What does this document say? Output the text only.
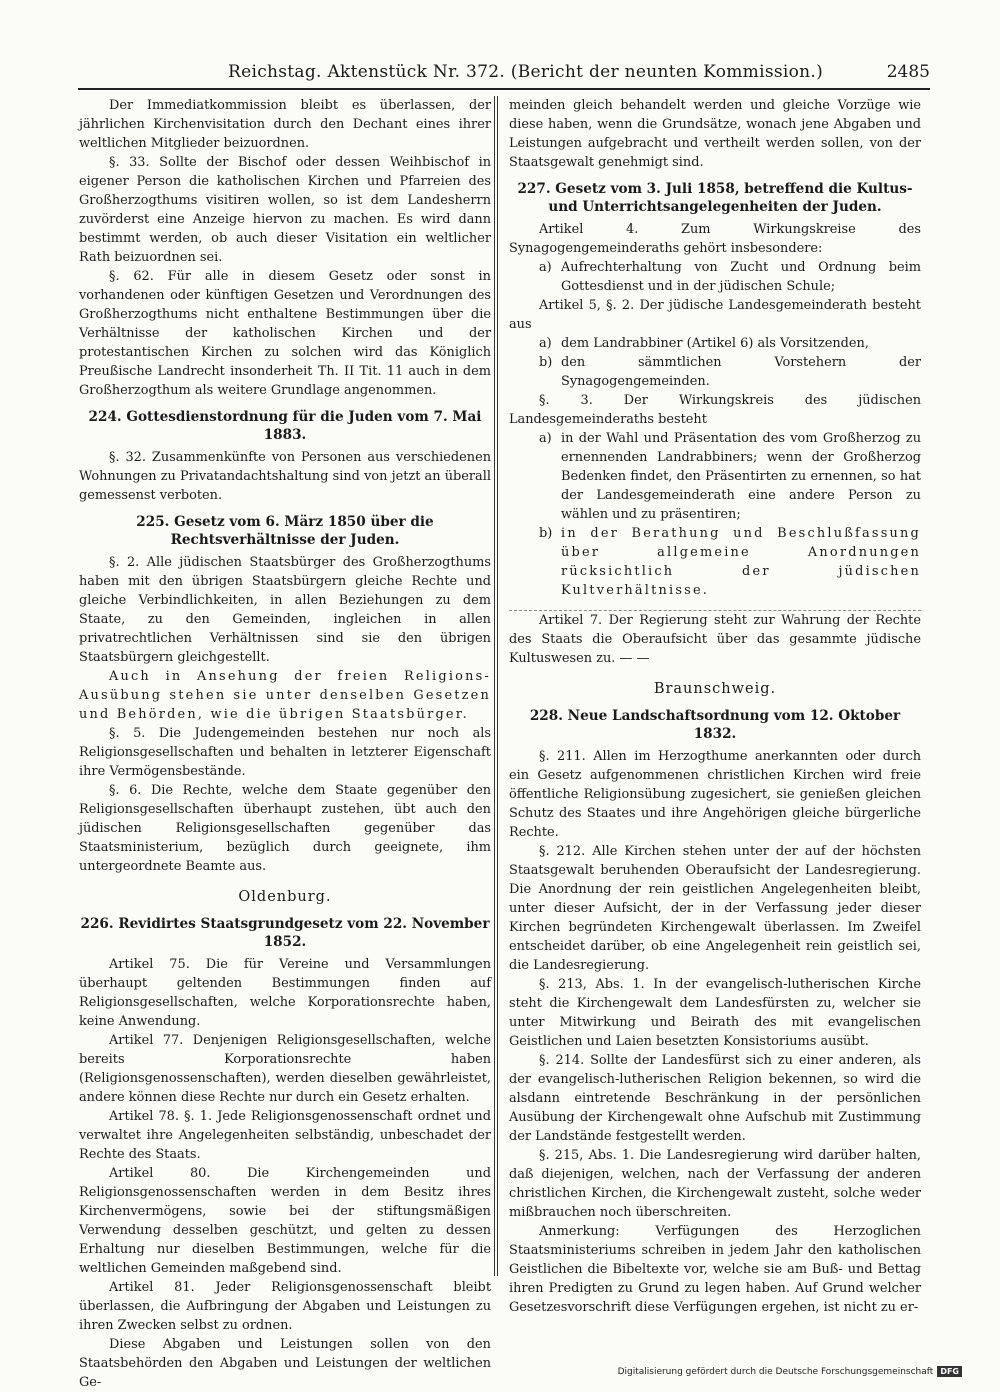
Reichstag. Aktenstück Nr. 372. (Bericht der neunten Kommission.)	2485

Der Immediatkommission bleibt es überlassen, der jährlichen Kirchenvisitation durch den Dechant eines ihrer weltlichen Mitglieder beizuordnen.

§. 33. Sollte der Bischof oder dessen Weihbischof in eigener Person die katholischen Kirchen und Pfarreien des Großherzogthums visitiren wollen, so ist dem Landesherrn zuvörderst eine Anzeige hiervon zu machen. Es wird dann bestimmt werden, ob auch dieser Visitation ein weltlicher Rath beizuordnen sei.

§. 62. Für alle in diesem Gesetz oder sonst in vorhandenen oder künftigen Gesetzen und Verordnungen des Großherzogthums nicht enthaltene Bestimmungen über die Verhältnisse der katholischen Kirchen und der protestantischen Kirchen zu solchen wird das Königlich Preußische Landrecht insonderheit Th. II Tit. 11 auch in dem Großherzogthum als weitere Grundlage angenommen.

224. Gottesdienstordnung für die Juden vom 7. Mai 1883.

§. 32. Zusammenkünfte von Personen aus verschiedenen Wohnungen zu Privatandachtshaltung sind von jetzt an überall gemessenst verboten.

225. Gesetz vom 6. März 1850 über die Rechtsverhältnisse der Juden.

§. 2. Alle jüdischen Staatsbürger des Großherzogthums haben mit den übrigen Staatsbürgern gleiche Rechte und gleiche Verbindlichkeiten, in allen Beziehungen zu dem Staate, zu den Gemeinden, ingleichen in allen privatrechtlichen Verhältnissen sind sie den übrigen Staatsbürgern gleichgestellt.

Auch in Ansehung der freien Religions-Ausübung stehen sie unter denselben Gesetzen und Behörden, wie die übrigen Staatsbürger.

§. 5. Die Judengemeinden bestehen nur noch als Religionsgesellschaften und behalten in letzterer Eigenschaft ihre Vermögensbestände.

§. 6. Die Rechte, welche dem Staate gegenüber den Religionsgesellschaften überhaupt zustehen, übt auch den jüdischen Religionsgesellschaften gegenüber das Staatsministerium, bezüglich durch geeignete, ihm untergeordnete Beamte aus.

Oldenburg.
226. Revidirtes Staatsgrundgesetz vom 22. November 1852.

Artikel 75. Die für Vereine und Versammlungen überhaupt geltenden Bestimmungen finden auf Religionsgesellschaften, welche Korporationsrechte haben, keine Anwendung.

Artikel 77. Denjenigen Religionsgesellschaften, welche bereits Korporationsrechte haben (Religionsgenossenschaften), werden dieselben gewährleistet, andere können diese Rechte nur durch ein Gesetz erhalten.

Artikel 78. §. 1. Jede Religionsgenossenschaft ordnet und verwaltet ihre Angelegenheiten selbständig, unbeschadet der Rechte des Staats.

Artikel 80. Die Kirchengemeinden und Religionsgenossenschaften werden in dem Besitz ihres Kirchenvermögens, sowie bei der stiftungsmäßigen Verwendung desselben geschützt, und gelten zu dessen Erhaltung nur dieselben Bestimmungen, welche für die weltlichen Gemeinden maßgebend sind.

Artikel 81. Jeder Religionsgenossenschaft bleibt überlassen, die Aufbringung der Abgaben und Leistungen zu ihren Zwecken selbst zu ordnen.

Diese Abgaben und Leistungen sollen von den Staatsbehörden den Abgaben und Leistungen der weltlichen Ge-

meinden gleich behandelt werden und gleiche Vorzüge wie diese haben, wenn die Grundsätze, wonach jene Abgaben und Leistungen aufgebracht und vertheilt werden sollen, von der Staatsgewalt genehmigt sind.

227. Gesetz vom 3. Juli 1858, betreffend die Kultus- und Unterrichtsangelegenheiten der Juden.

Artikel 4. Zum Wirkungskreise des Synagogengemeinderaths gehört insbesondere:

a) Aufrechterhaltung von Zucht und Ordnung beim Gottesdienst und in der jüdischen Schule;

Artikel 5, §. 2. Der jüdische Landesgemeinderath besteht aus

a) dem Landrabbiner (Artikel 6) als Vorsitzenden,
b) den sämmtlichen Vorstehern der Synagogengemeinden.

§. 3. Der Wirkungskreis des jüdischen Landesgemeinderaths besteht

a) in der Wahl und Präsentation des vom Großherzog zu ernennenden Landrabbiners; wenn der Großherzog Bedenken findet, den Präsentirten zu ernennen, so hat der Landesgemeinderath eine andere Person zu wählen und zu präsentiren;
b) in der Berathung und Beschlußfassung über allgemeine Anordnungen rücksichtlich der jüdischen Kultverhältnisse.

Artikel 7. Der Regierung steht zur Wahrung der Rechte des Staats die Oberaufsicht über das gesammte jüdische Kultuswesen zu. — —

Braunschweig.
228. Neue Landschaftsordnung vom 12. Oktober 1832.

§. 211. Allen im Herzogthume anerkannten oder durch ein Gesetz aufgenommenen christlichen Kirchen wird freie öffentliche Religionsübung zugesichert, sie genießen gleichen Schutz des Staates und ihre Angehörigen gleiche bürgerliche Rechte.

§. 212. Alle Kirchen stehen unter der auf der höchsten Staatsgewalt beruhenden Oberaufsicht der Landesregierung. Die Anordnung der rein geistlichen Angelegenheiten bleibt, unter dieser Aufsicht, der in der Verfassung jeder dieser Kirchen begründeten Kirchengewalt überlassen. Im Zweifel entscheidet darüber, ob eine Angelegenheit rein geistlich sei, die Landesregierung.

§. 213, Abs. 1. In der evangelisch-lutherischen Kirche steht die Kirchengewalt dem Landesfürsten zu, welcher sie unter Mitwirkung und Beirath des mit evangelischen Geistlichen und Laien besetzten Konsistoriums ausübt.

§. 214. Sollte der Landesfürst sich zu einer anderen, als der evangelisch-lutherischen Religion bekennen, so wird die alsdann eintretende Beschränkung in der persönlichen Ausübung der Kirchengewalt ohne Aufschub mit Zustimmung der Landstände festgestellt werden.

§. 215, Abs. 1. Die Landesregierung wird darüber halten, daß diejenigen, welchen, nach der Verfassung der anderen christlichen Kirchen, die Kirchengewalt zusteht, solche weder mißbrauchen noch überschreiten.

Anmerkung: Verfügungen des Herzoglichen Staatsministeriums schreiben in jedem Jahr den katholischen Geistlichen die Bibeltexte vor, welche sie am Buß- und Bettag ihren Predigten zu Grund zu legen haben. Auf Grund welcher Gesetzesvorschrift diese Verfügungen ergehen, ist nicht zu er-

Digitalisierung gefördert durch die Deutsche Forschungsgemeinschaft DFG
